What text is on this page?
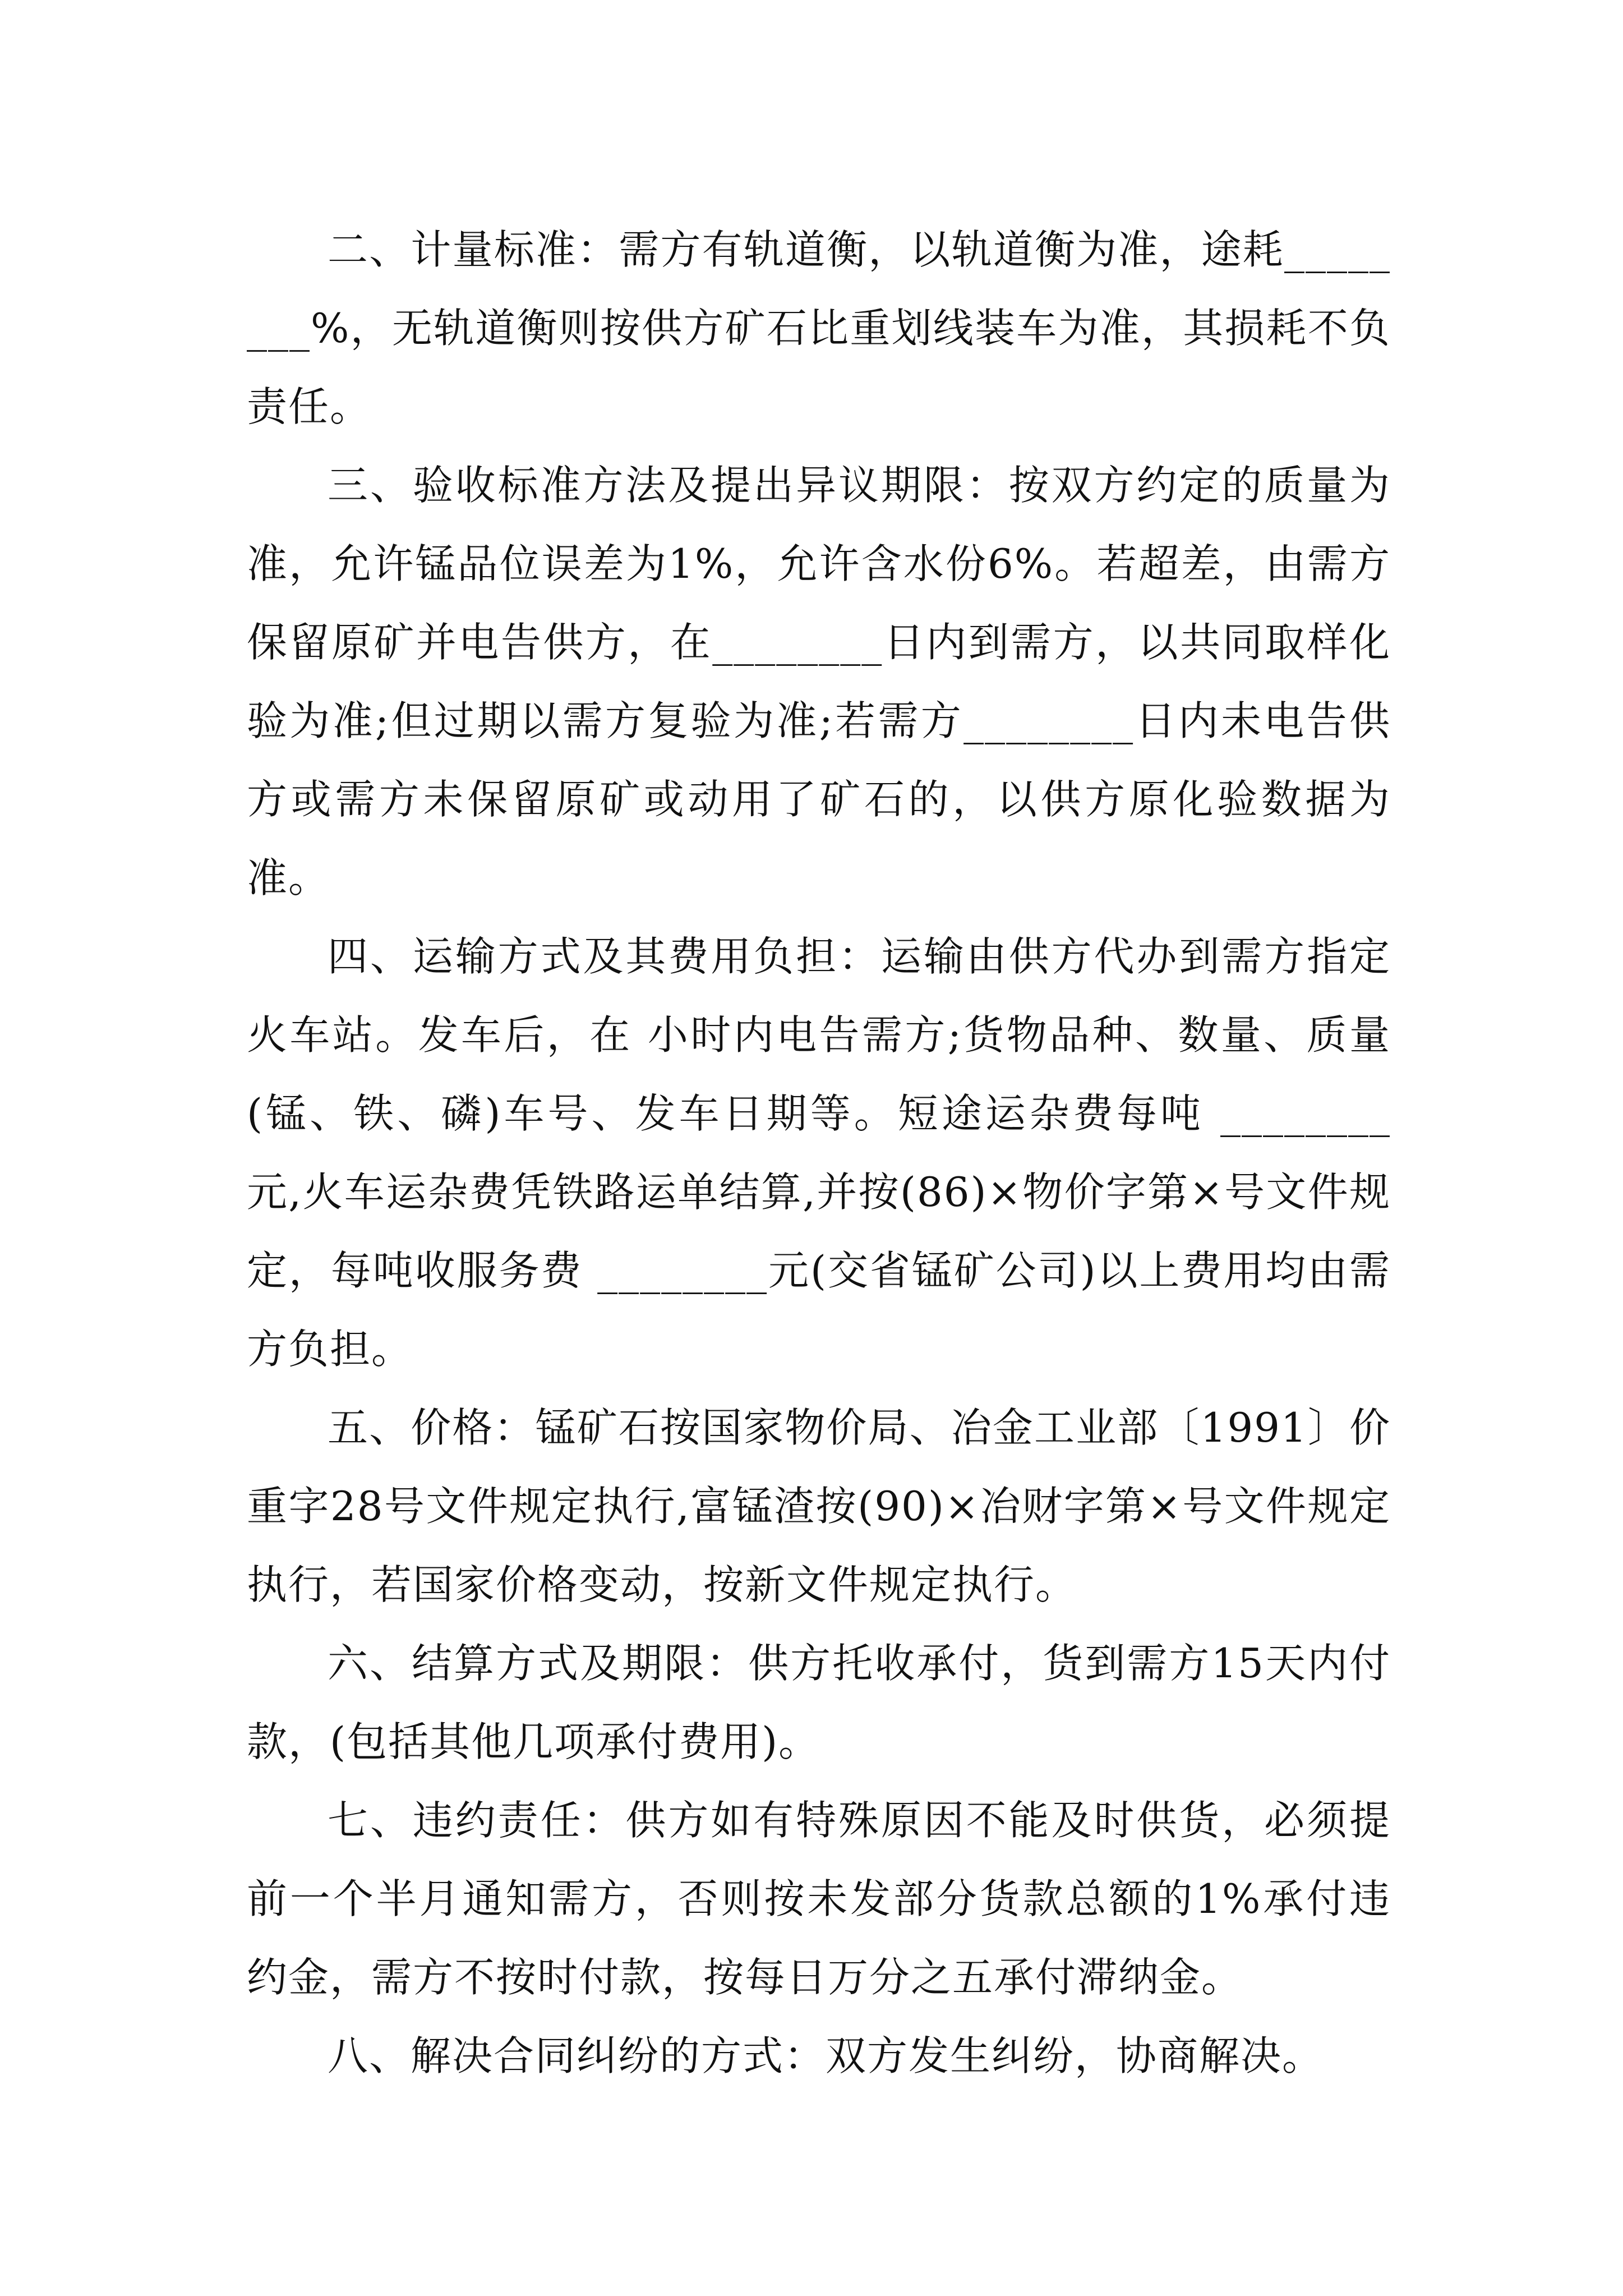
二、计量标准：需方有轨道衡，以轨道衡为准，途耗________%，无轨道衡则按供方矿石比重划线装车为准，其损耗不负责任。

三、验收标准方法及提出异议期限：按双方约定的质量为准，允许锰品位误差为1%，允许含水份6%。若超差，由需方保留原矿并电告供方，在________日内到需方，以共同取样化验为准;但过期以需方复验为准;若需方________日内未电告供方或需方未保留原矿或动用了矿石的，以供方原化验数据为准。

四、运输方式及其费用负担：运输由供方代办到需方指定火车站。发车后，在 小时内电告需方;货物品种、数量、质量(锰、铁、磷)车号、发车日期等。短途运杂费每吨 ________元,火车运杂费凭铁路运单结算,并按(86)×物价字第×号文件规定，每吨收服务费 ________元(交省锰矿公司)以上费用均由需方负担。

五、价格：锰矿石按国家物价局、冶金工业部〔1991〕价重字28号文件规定执行,富锰渣按(90)×冶财字第×号文件规定执行，若国家价格变动，按新文件规定执行。

六、结算方式及期限：供方托收承付，货到需方15天内付款，(包括其他几项承付费用)。

七、违约责任：供方如有特殊原因不能及时供货，必须提前一个半月通知需方，否则按未发部分货款总额的1%承付违约金，需方不按时付款，按每日万分之五承付滞纳金。

八、解决合同纠纷的方式：双方发生纠纷，协商解决。
